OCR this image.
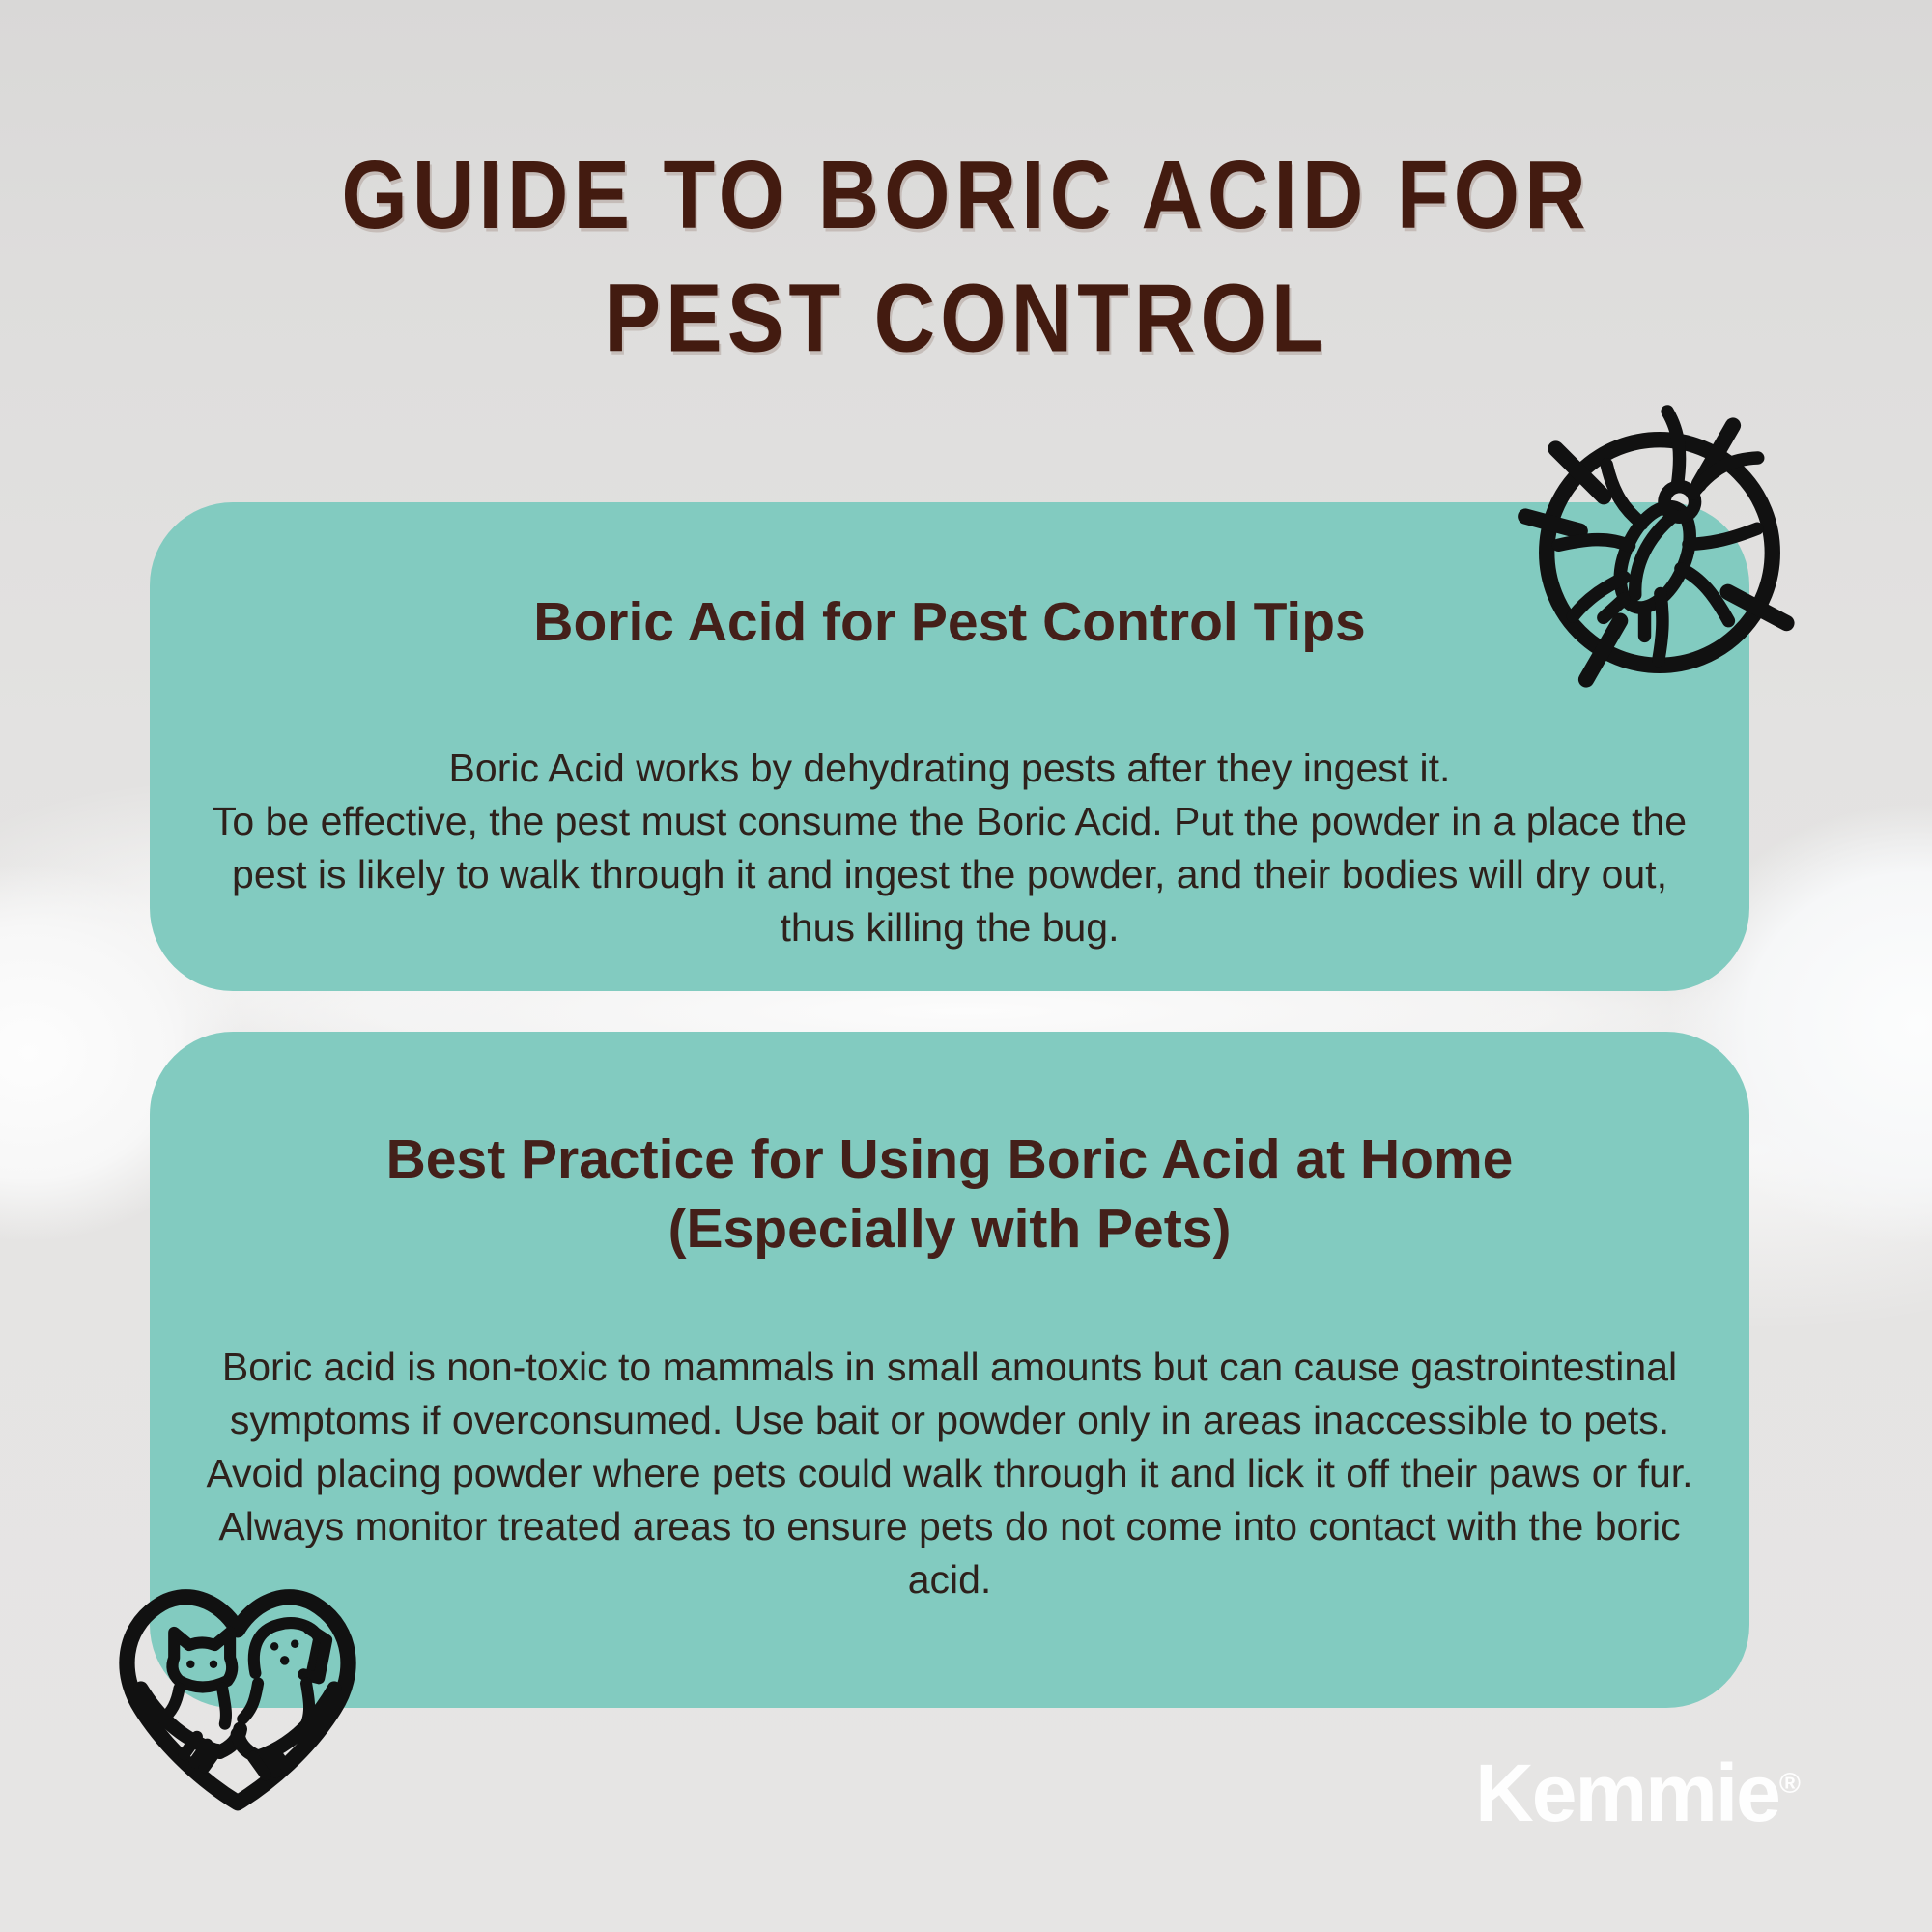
GUIDE TO BORIC ACID FOR
PEST CONTROL
Boric Acid for Pest Control Tips
Boric Acid works by dehydrating pests after they ingest it.
To be effective, the pest must consume the Boric Acid. Put the powder in a place the pest is likely to walk through it and ingest the powder, and their bodies will dry out, thus killing the bug.
Best Practice for Using Boric Acid at Home
(Especially with Pets)
Boric acid is non-toxic to mammals in small amounts but can cause gastrointestinal symptoms if overconsumed. Use bait or powder only in areas inaccessible to pets. Avoid placing powder where pets could walk through it and lick it off their paws or fur. Always monitor treated areas to ensure pets do not come into contact with the boric acid.
Kemmie®
